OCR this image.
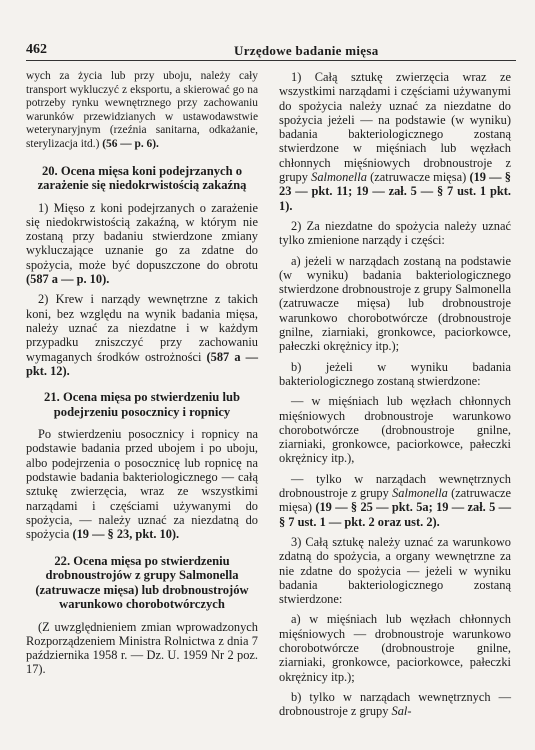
462	Urzędowe badanie mięsa

wych za życia lub przy uboju, należy cały transport wykluczyć z eksportu, a skierować go na potrzeby rynku wewnętrznego przy zachowaniu warunków przewidzianych w ustawodawstwie weterynaryjnym (rzeźnia sanitarna, odkażanie, sterylizacja itd.) (56 — p. 6).

20. Ocena mięsa koni podejrzanych o zarażenie się niedokrwistością zakaźną

1) Mięso z koni podejrzanych o zarażenie się niedokrwistością zakaźną, w którym nie zostaną przy badaniu stwierdzone zmiany wykluczające uznanie go za zdatne do spożycia, może być dopuszczone do obrotu (587 a — p. 10).

2) Krew i narządy wewnętrzne z takich koni, bez względu na wynik badania mięsa, należy uznać za niezdatne i w każdym przypadku zniszczyć przy zachowaniu wymaganych środków ostrożności (587 a — pkt. 12).

21. Ocena mięsa po stwierdzeniu lub podejrzeniu posocznicy i ropnicy

Po stwierdzeniu posocznicy i ropnicy na podstawie badania przed ubojem i po uboju, albo podejrzenia o posocznicę lub ropnicę na podstawie badania bakteriologicznego — całą sztukę zwierzęcia, wraz ze wszystkimi narządami i częściami używanymi do spożycia, — należy uznać za niezdatną do spożycia (19 — § 23, pkt. 10).

22. Ocena mięsa po stwierdzeniu drobnoustrojów z grupy Salmonella (zatruwacze mięsa) lub drobnoustrojów warunkowo chorobotwórczych

(Z uwzględnieniem zmian wprowadzonych Rozporządzeniem Ministra Rolnictwa z dnia 7 października 1958 r. — Dz. U. 1959 Nr 2 poz. 17).

1) Całą sztukę zwierzęcia wraz ze wszystkimi narządami i częściami używanymi do spożycia należy uznać za niezdatne do spożycia jeżeli — na podstawie (w wyniku) badania bakteriologicznego zostaną stwierdzone w mięśniach lub węzłach chłonnych mięśniowych drobnoustroje z grupy Salmonella (zatruwacze mięsa) (19 — § 23 — pkt. 11; 19 — zał. 5 — § 7 ust. 1 pkt. 1).

2) Za niezdatne do spożycia należy uznać tylko zmienione narządy i części:

a) jeżeli w narządach zostaną na podstawie (w wyniku) badania bakteriologicznego stwierdzone drobnoustroje z grupy Salmonella (zatruwacze mięsa) lub drobnoustroje warunkowo chorobotwórcze (drobnoustroje gnilne, ziarniaki, gronkowce, paciorkowce, pałeczki okrężnicy itp.);

b) jeżeli w wyniku badania bakteriologicznego zostaną stwierdzone:

— w mięśniach lub węzłach chłonnych mięśniowych drobnoustroje warunkowo chorobotwórcze (drobnoustroje gnilne, ziarniaki, gronkowce, paciorkowce, pałeczki okrężnicy itp.),

— tylko w narządach wewnętrznych drobnoustroje z grupy Salmonella (zatruwacze mięsa) (19 — § 25 — pkt. 5a; 19 — zał. 5 — § 7 ust. 1 — pkt. 2 oraz ust. 2).

3) Całą sztukę należy uznać za warunkowo zdatną do spożycia, a organy wewnętrzne za nie zdatne do spożycia — jeżeli w wyniku badania bakteriologicznego zostaną stwierdzone:

a) w mięśniach lub węzłach chłonnych mięśniowych — drobnoustroje warunkowo chorobotwórcze (drobnoustroje gnilne, ziarniaki, gronkowce, paciorkowce, pałeczki okrężnicy itp.);

b) tylko w narządach wewnętrznych — drobnoustroje z grupy Sal-
